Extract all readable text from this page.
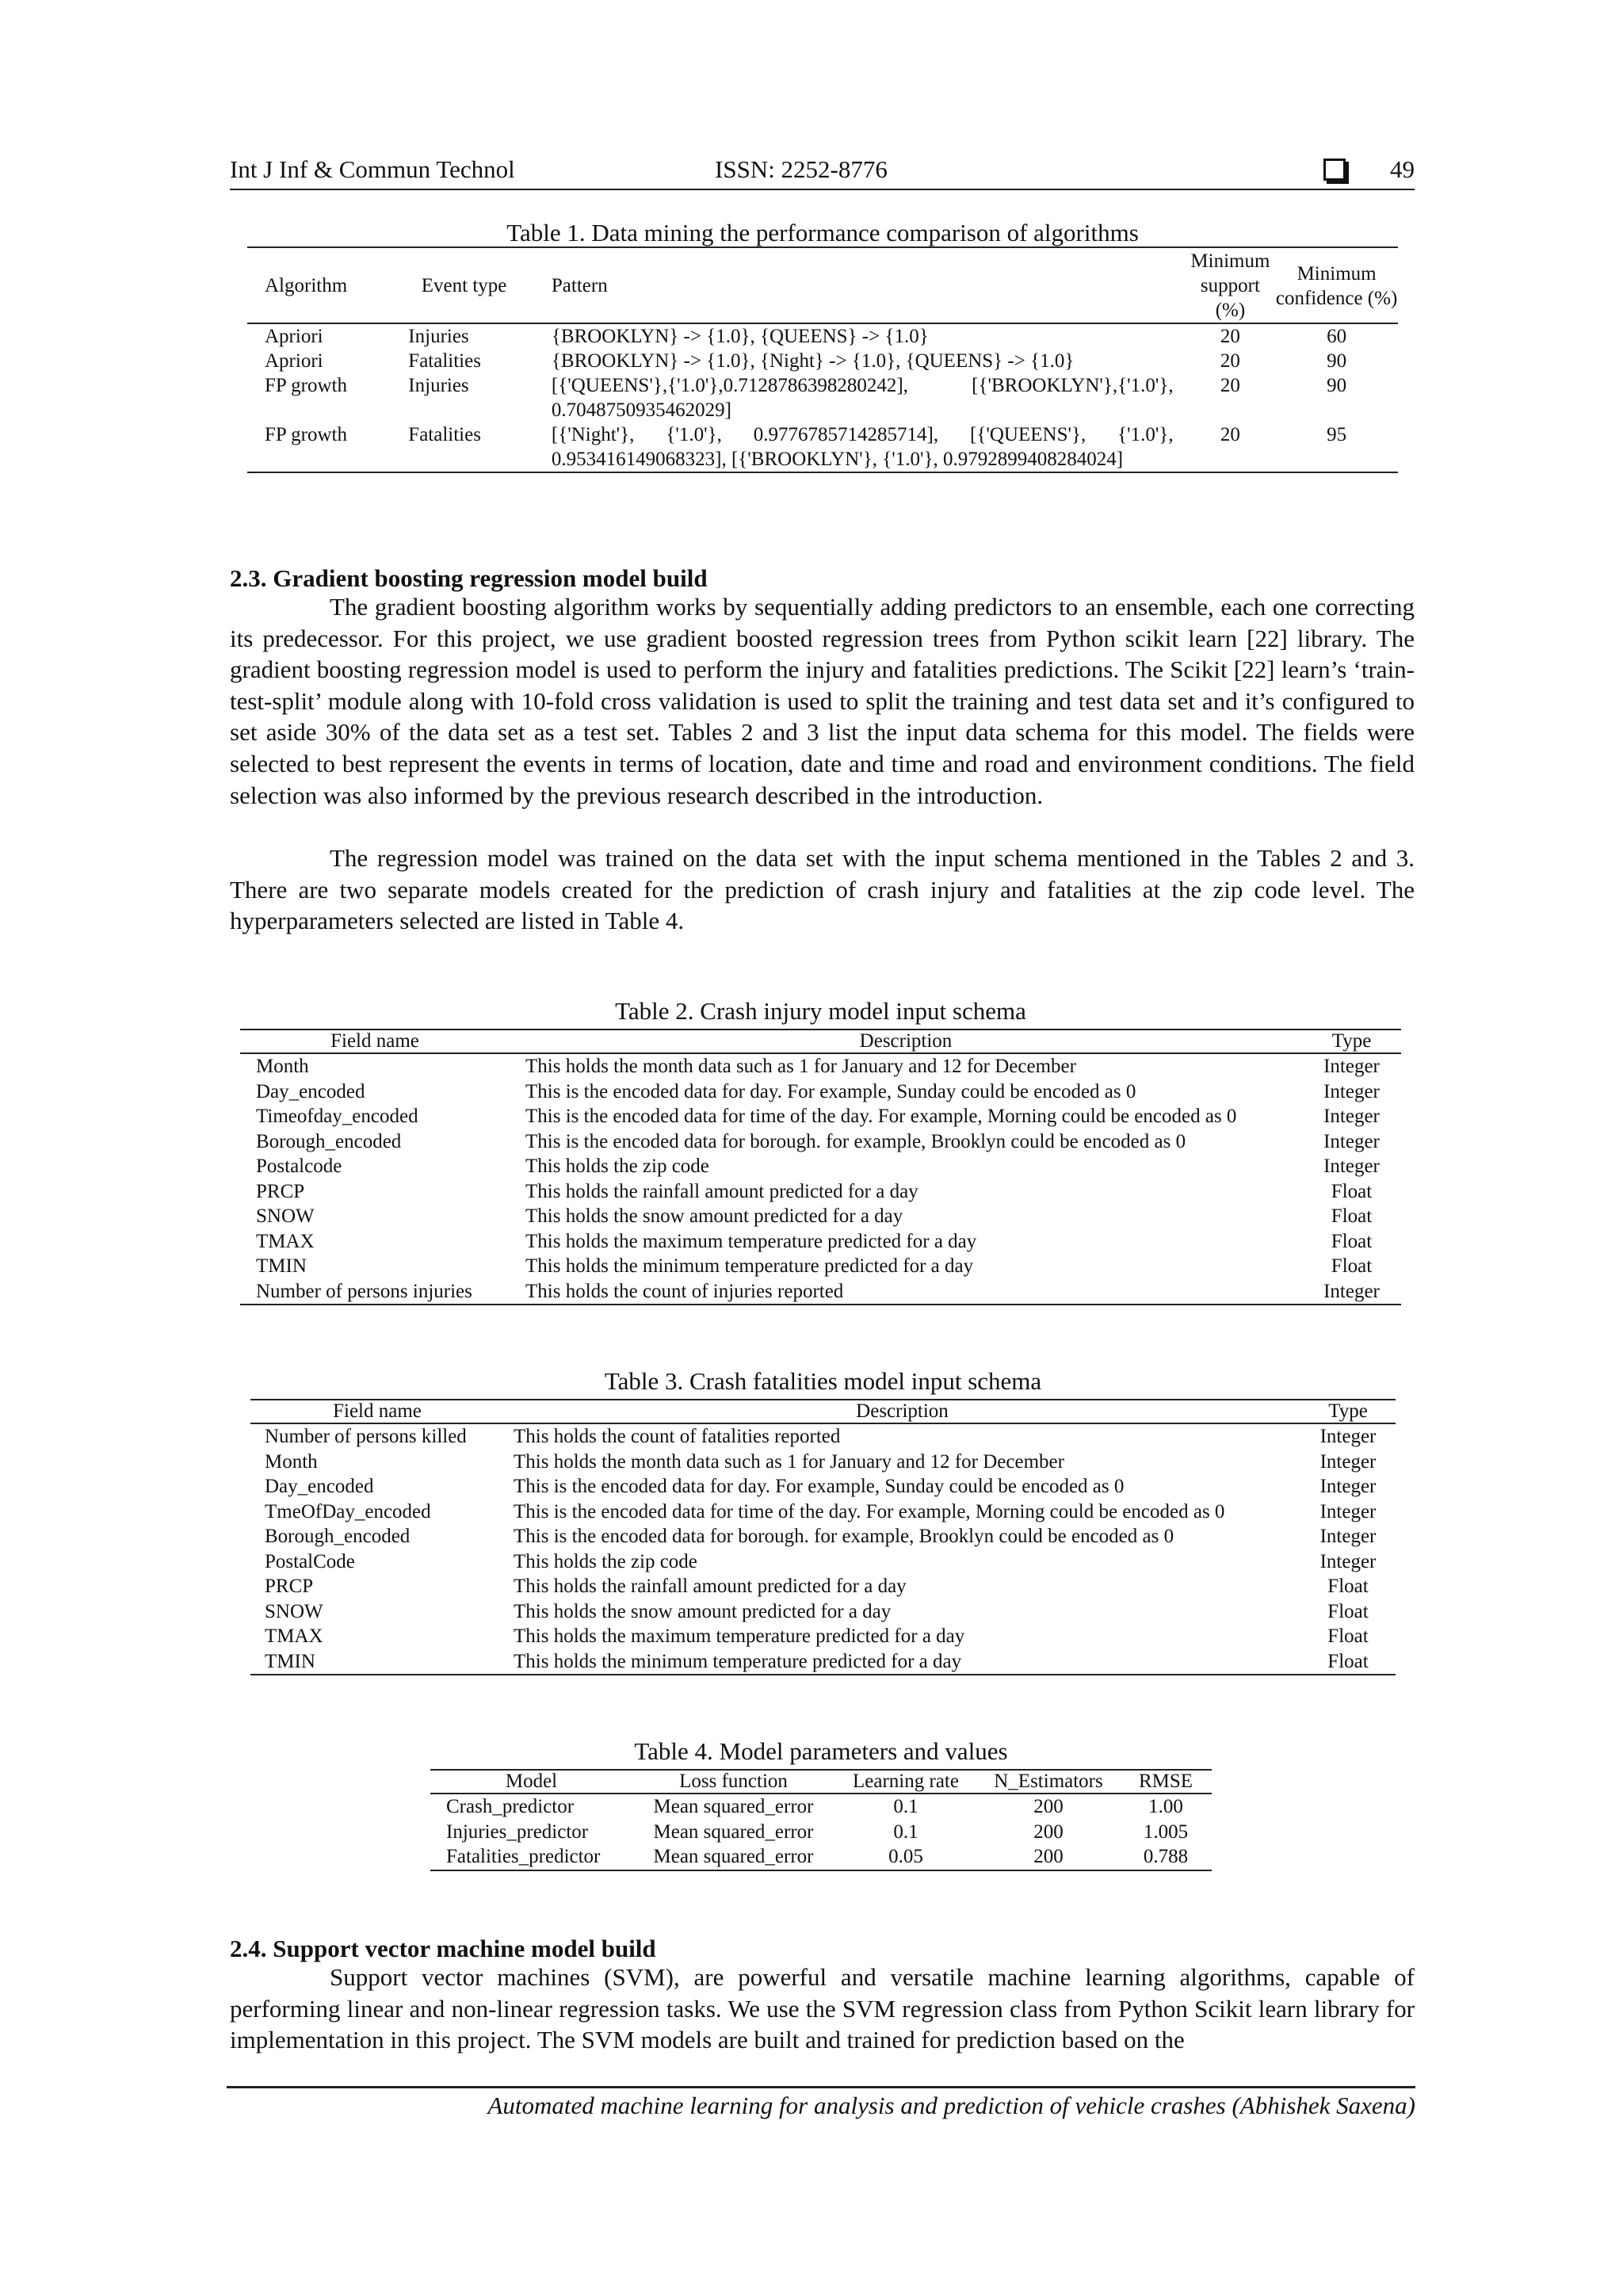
Int J Inf & Commun Technol	ISSN: 2252-8776	49
Table 1. Data mining the performance comparison of algorithms
Algorithm	Event type	Pattern	Minimum support (%)	Minimum confidence (%)
Apriori	Injuries	{BROOKLYN} -> {1.0}, {QUEENS} -> {1.0}	20	60
Apriori	Fatalities	{BROOKLYN} -> {1.0}, {Night} -> {1.0}, {QUEENS} -> {1.0}	20	90
FP growth	Injuries	[{'QUEENS'},{'1.0'},0.7128786398280242], [{'BROOKLYN'},{'1.0'}, 0.7048750935462029]	20	90
FP growth	Fatalities	[{'Night'}, {'1.0'}, 0.9776785714285714], [{'QUEENS'}, {'1.0'}, 0.953416149068323], [{'BROOKLYN'}, {'1.0'}, 0.9792899408284024]	20	95
2.3. Gradient boosting regression model build

The gradient boosting algorithm works by sequentially adding predictors to an ensemble, each one correcting its predecessor. For this project, we use gradient boosted regression trees from Python scikit learn [22] library. The gradient boosting regression model is used to perform the injury and fatalities predictions. The Scikit [22] learn’s ‘train-test-split’ module along with 10-fold cross validation is used to split the training and test data set and it’s configured to set aside 30% of the data set as a test set. Tables 2 and 3 list the input data schema for this model. The fields were selected to best represent the events in terms of location, date and time and road and environment conditions. The field selection was also informed by the previous research described in the introduction.

The regression model was trained on the data set with the input schema mentioned in the Tables 2 and 3. There are two separate models created for the prediction of crash injury and fatalities at the zip code level. The hyperparameters selected are listed in Table 4.

Table 2. Crash injury model input schema
Field name	Description	Type
Month	This holds the month data such as 1 for January and 12 for December	Integer
Day_encoded	This is the encoded data for day. For example, Sunday could be encoded as 0	Integer
Timeofday_encoded	This is the encoded data for time of the day. For example, Morning could be encoded as 0	Integer
Borough_encoded	This is the encoded data for borough. for example, Brooklyn could be encoded as 0	Integer
Postalcode	This holds the zip code	Integer
PRCP	This holds the rainfall amount predicted for a day	Float
SNOW	This holds the snow amount predicted for a day	Float
TMAX	This holds the maximum temperature predicted for a day	Float
TMIN	This holds the minimum temperature predicted for a day	Float
Number of persons injuries	This holds the count of injuries reported	Integer
Table 3. Crash fatalities model input schema
Field name	Description	Type
Number of persons killed	This holds the count of fatalities reported	Integer
Month	This holds the month data such as 1 for January and 12 for December	Integer
Day_encoded	This is the encoded data for day. For example, Sunday could be encoded as 0	Integer
TmeOfDay_encoded	This is the encoded data for time of the day. For example, Morning could be encoded as 0	Integer
Borough_encoded	This is the encoded data for borough. for example, Brooklyn could be encoded as 0	Integer
PostalCode	This holds the zip code	Integer
PRCP	This holds the rainfall amount predicted for a day	Float
SNOW	This holds the snow amount predicted for a day	Float
TMAX	This holds the maximum temperature predicted for a day	Float
TMIN	This holds the minimum temperature predicted for a day	Float
Table 4. Model parameters and values
Model	Loss function	Learning rate	N_Estimators	RMSE
Crash_predictor	Mean squared_error	0.1	200	1.00
Injuries_predictor	Mean squared_error	0.1	200	1.005
Fatalities_predictor	Mean squared_error	0.05	200	0.788
2.4. Support vector machine model build

Support vector machines (SVM), are powerful and versatile machine learning algorithms, capable of performing linear and non-linear regression tasks. We use the SVM regression class from Python Scikit learn library for implementation in this project. The SVM models are built and trained for prediction based on the

Automated machine learning for analysis and prediction of vehicle crashes (Abhishek Saxena)
